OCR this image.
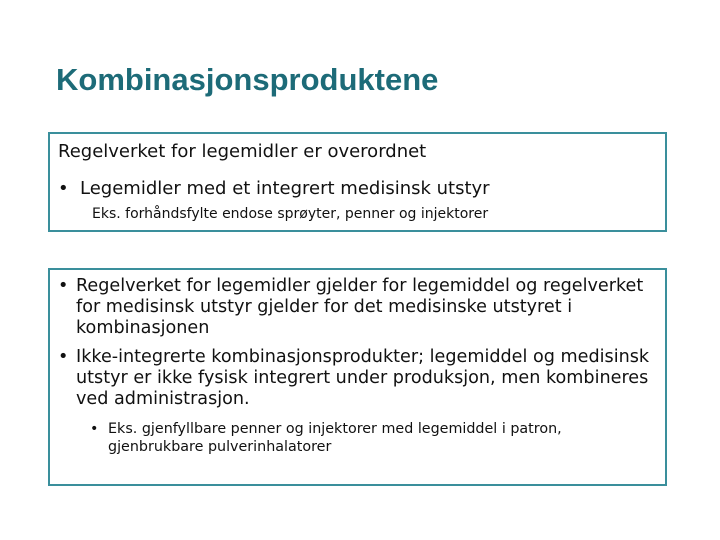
Kombinasjonsproduktene
Regelverket for legemidler er overordnet
• Legemidler med et integrert medisinsk utstyr
Eks. forhåndsfylte endose sprøyter, penner og injektorer
• Regelverket for legemidler gjelder for legemiddel og regelverket for medisinsk utstyr gjelder for det medisinske utstyret i kombinasjonen
• Ikke-integrerte kombinasjonsprodukter; legemiddel og medisinsk utstyr er ikke fysisk integrert under produksjon, men kombineres ved administrasjon.
• Eks. gjenfyllbare penner og injektorer med legemiddel i patron, gjenbrukbare pulverinhalatorer
